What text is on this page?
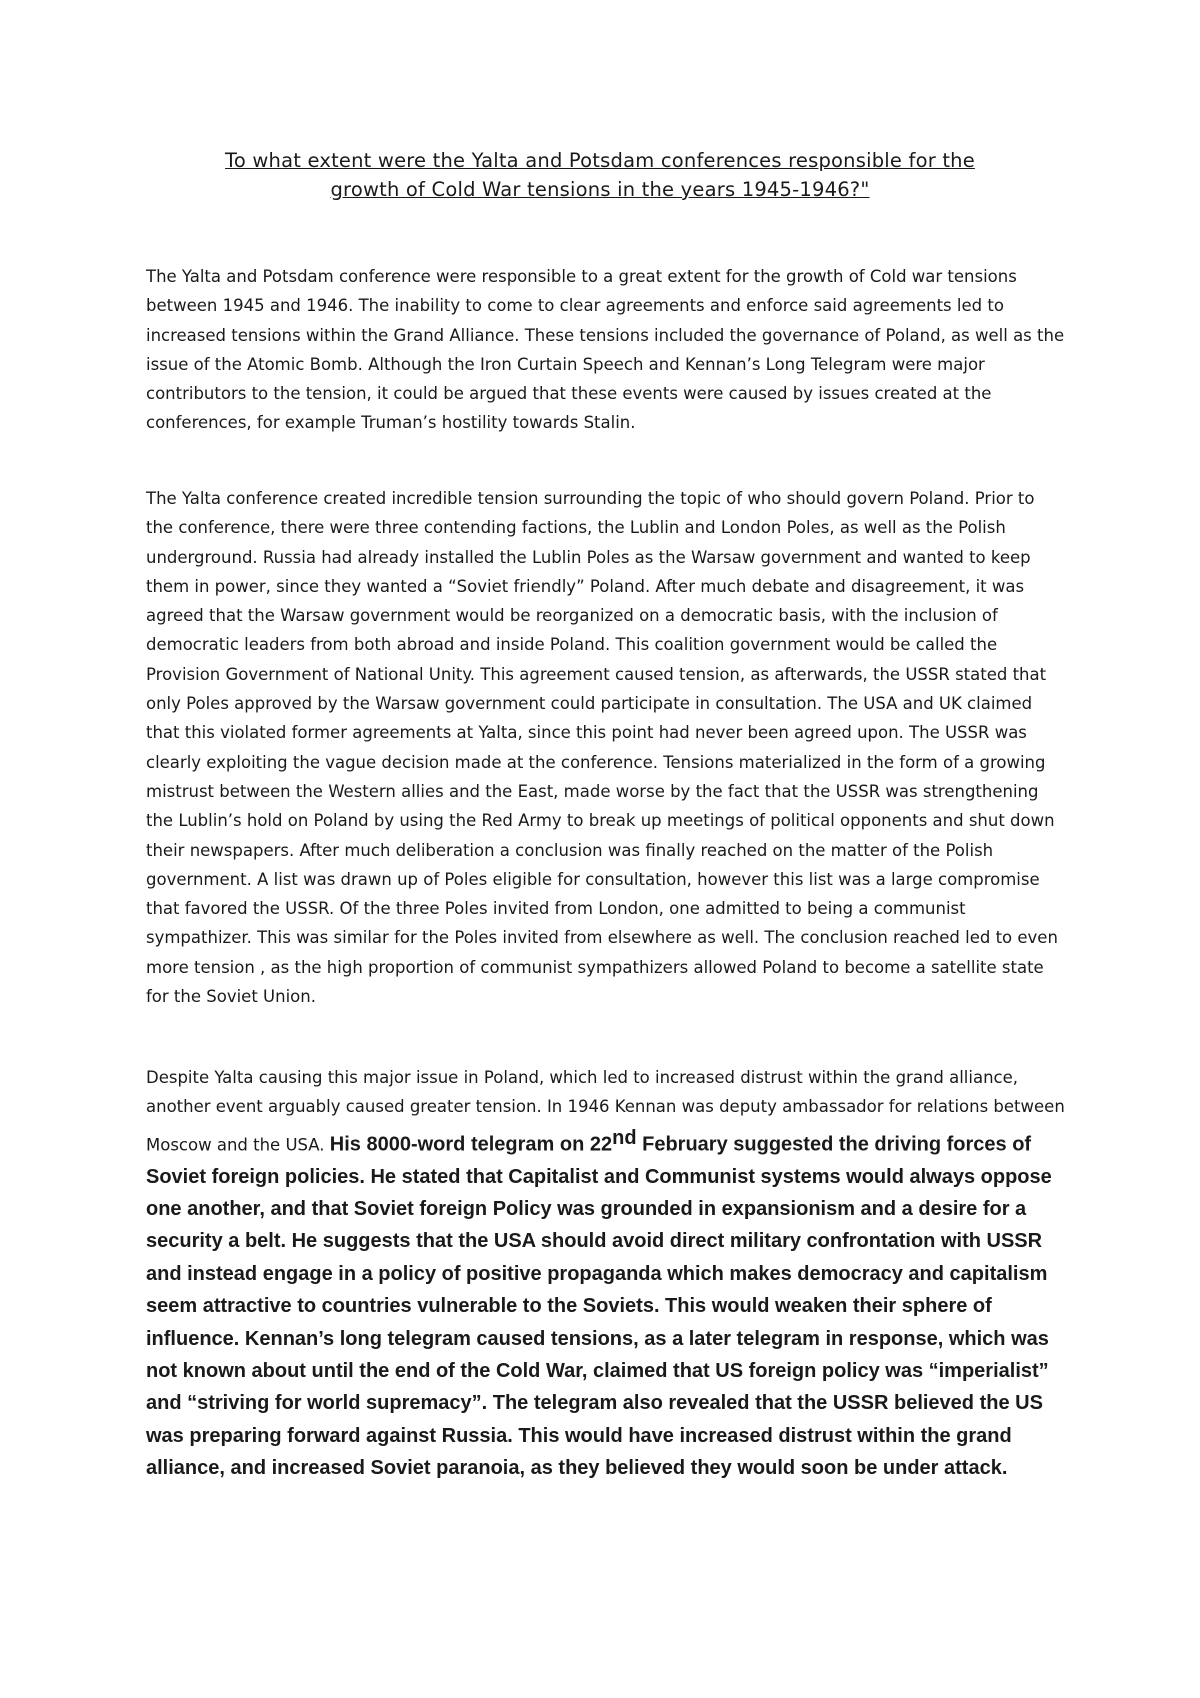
To what extent were the Yalta and Potsdam conferences responsible for the
growth of Cold War tensions in the years 1945-1946?"

The Yalta and Potsdam conference were responsible to a great extent for the growth of Cold war tensions between 1945 and 1946. The inability to come to clear agreements and enforce said agreements led to increased tensions within the Grand Alliance. These tensions included the governance of Poland, as well as the issue of the Atomic Bomb. Although the Iron Curtain Speech and Kennan’s Long Telegram were major contributors to the tension, it could be argued that these events were caused by issues created at the conferences, for example Truman’s hostility towards Stalin.

The Yalta conference created incredible tension surrounding the topic of who should govern Poland. Prior to the conference, there were three contending factions, the Lublin and London Poles, as well as the Polish underground. Russia had already installed the Lublin Poles as the Warsaw government and wanted to keep them in power, since they wanted a “Soviet friendly” Poland. After much debate and disagreement, it was agreed that the Warsaw government would be reorganized on a democratic basis, with the inclusion of democratic leaders from both abroad and inside Poland. This coalition government would be called the Provision Government of National Unity. This agreement caused tension, as afterwards, the USSR stated that only Poles approved by the Warsaw government could participate in consultation. The USA and UK claimed that this violated former agreements at Yalta, since this point had never been agreed upon. The USSR was clearly exploiting the vague decision made at the conference. Tensions materialized in the form of a growing mistrust between the Western allies and the East, made worse by the fact that the USSR was strengthening the Lublin’s hold on Poland by using the Red Army to break up meetings of political opponents and shut down their newspapers. After much deliberation a conclusion was finally reached on the matter of the Polish government. A list was drawn up of Poles eligible for consultation, however this list was a large compromise that favored the USSR. Of the three Poles invited from London, one admitted to being a communist sympathizer. This was similar for the Poles invited from elsewhere as well. The conclusion reached led to even more tension , as the high proportion of communist sympathizers allowed Poland to become a satellite state for the Soviet Union.

Despite Yalta causing this major issue in Poland, which led to increased distrust within the grand alliance, another event arguably caused greater tension. In 1946 Kennan was deputy ambassador for relations between Moscow and the USA. His 8000-word telegram on 22nd February suggested the driving forces of Soviet foreign policies. He stated that Capitalist and Communist systems would always oppose one another, and that Soviet foreign Policy was grounded in expansionism and a desire for a security a belt. He suggests that the USA should avoid direct military confrontation with USSR and instead engage in a policy of positive propaganda which makes democracy and capitalism seem attractive to countries vulnerable to the Soviets. This would weaken their sphere of influence. Kennan’s long telegram caused tensions, as a later telegram in response, which was not known about until the end of the Cold War, claimed that US foreign policy was “imperialist” and “striving for world supremacy”. The telegram also revealed that the USSR believed the US was preparing forward against Russia. This would have increased distrust within the grand alliance, and increased Soviet paranoia, as they believed they would soon be under attack.
